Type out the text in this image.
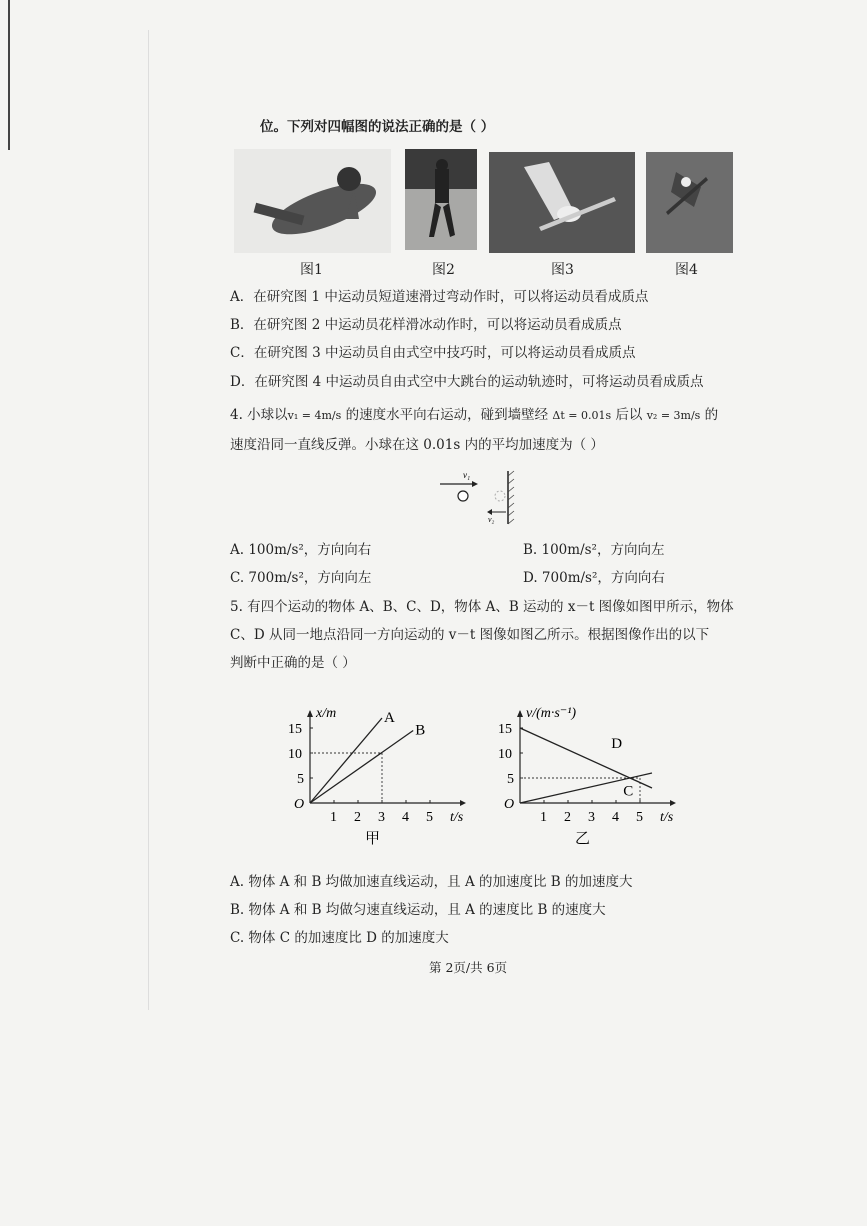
位。下列对四幅图的说法正确的是（ ）
图1	图2	图3	图4
A．在研究图 1 中运动员短道速滑过弯动作时，可以将运动员看成质点
B．在研究图 2 中运动员花样滑冰动作时，可以将运动员看成质点
C．在研究图 3 中运动员自由式空中技巧时，可以将运动员看成质点
D．在研究图 4 中运动员自由式空中大跳台的运动轨迹时，可将运动员看成质点
4. 小球以v₁ = 4m/s 的速度水平向右运动，碰到墙壁经 Δt = 0.01s 后以 v₂ = 3m/s 的
速度沿同一直线反弹。小球在这 0.01s 内的平均加速度为（ ）
v₁
v₂
A. 100m/s²，方向向右	B. 100m/s²，方向向左
C. 700m/s²，方向向左	D. 700m/s²，方向向右
5. 有四个运动的物体 A、B、C、D，物体 A、B 运动的 x－t 图像如图甲所示，物体
C、D 从同一地点沿同一方向运动的 v－t 图像如图乙所示。根据图像作出的以下
判断中正确的是（ ）
O
t/s
x/m
1 2 3 4 5
5
10
15
A
B
甲
O
t/s
v/(m·s⁻¹)
1 2 3 4 5
5
10
15
D
C
乙
A. 物体 A 和 B 均做加速直线运动，且 A 的加速度比 B 的加速度大
B. 物体 A 和 B 均做匀速直线运动，且 A 的速度比 B 的速度大
C. 物体 C 的加速度比 D 的加速度大
第 2页/共 6页
